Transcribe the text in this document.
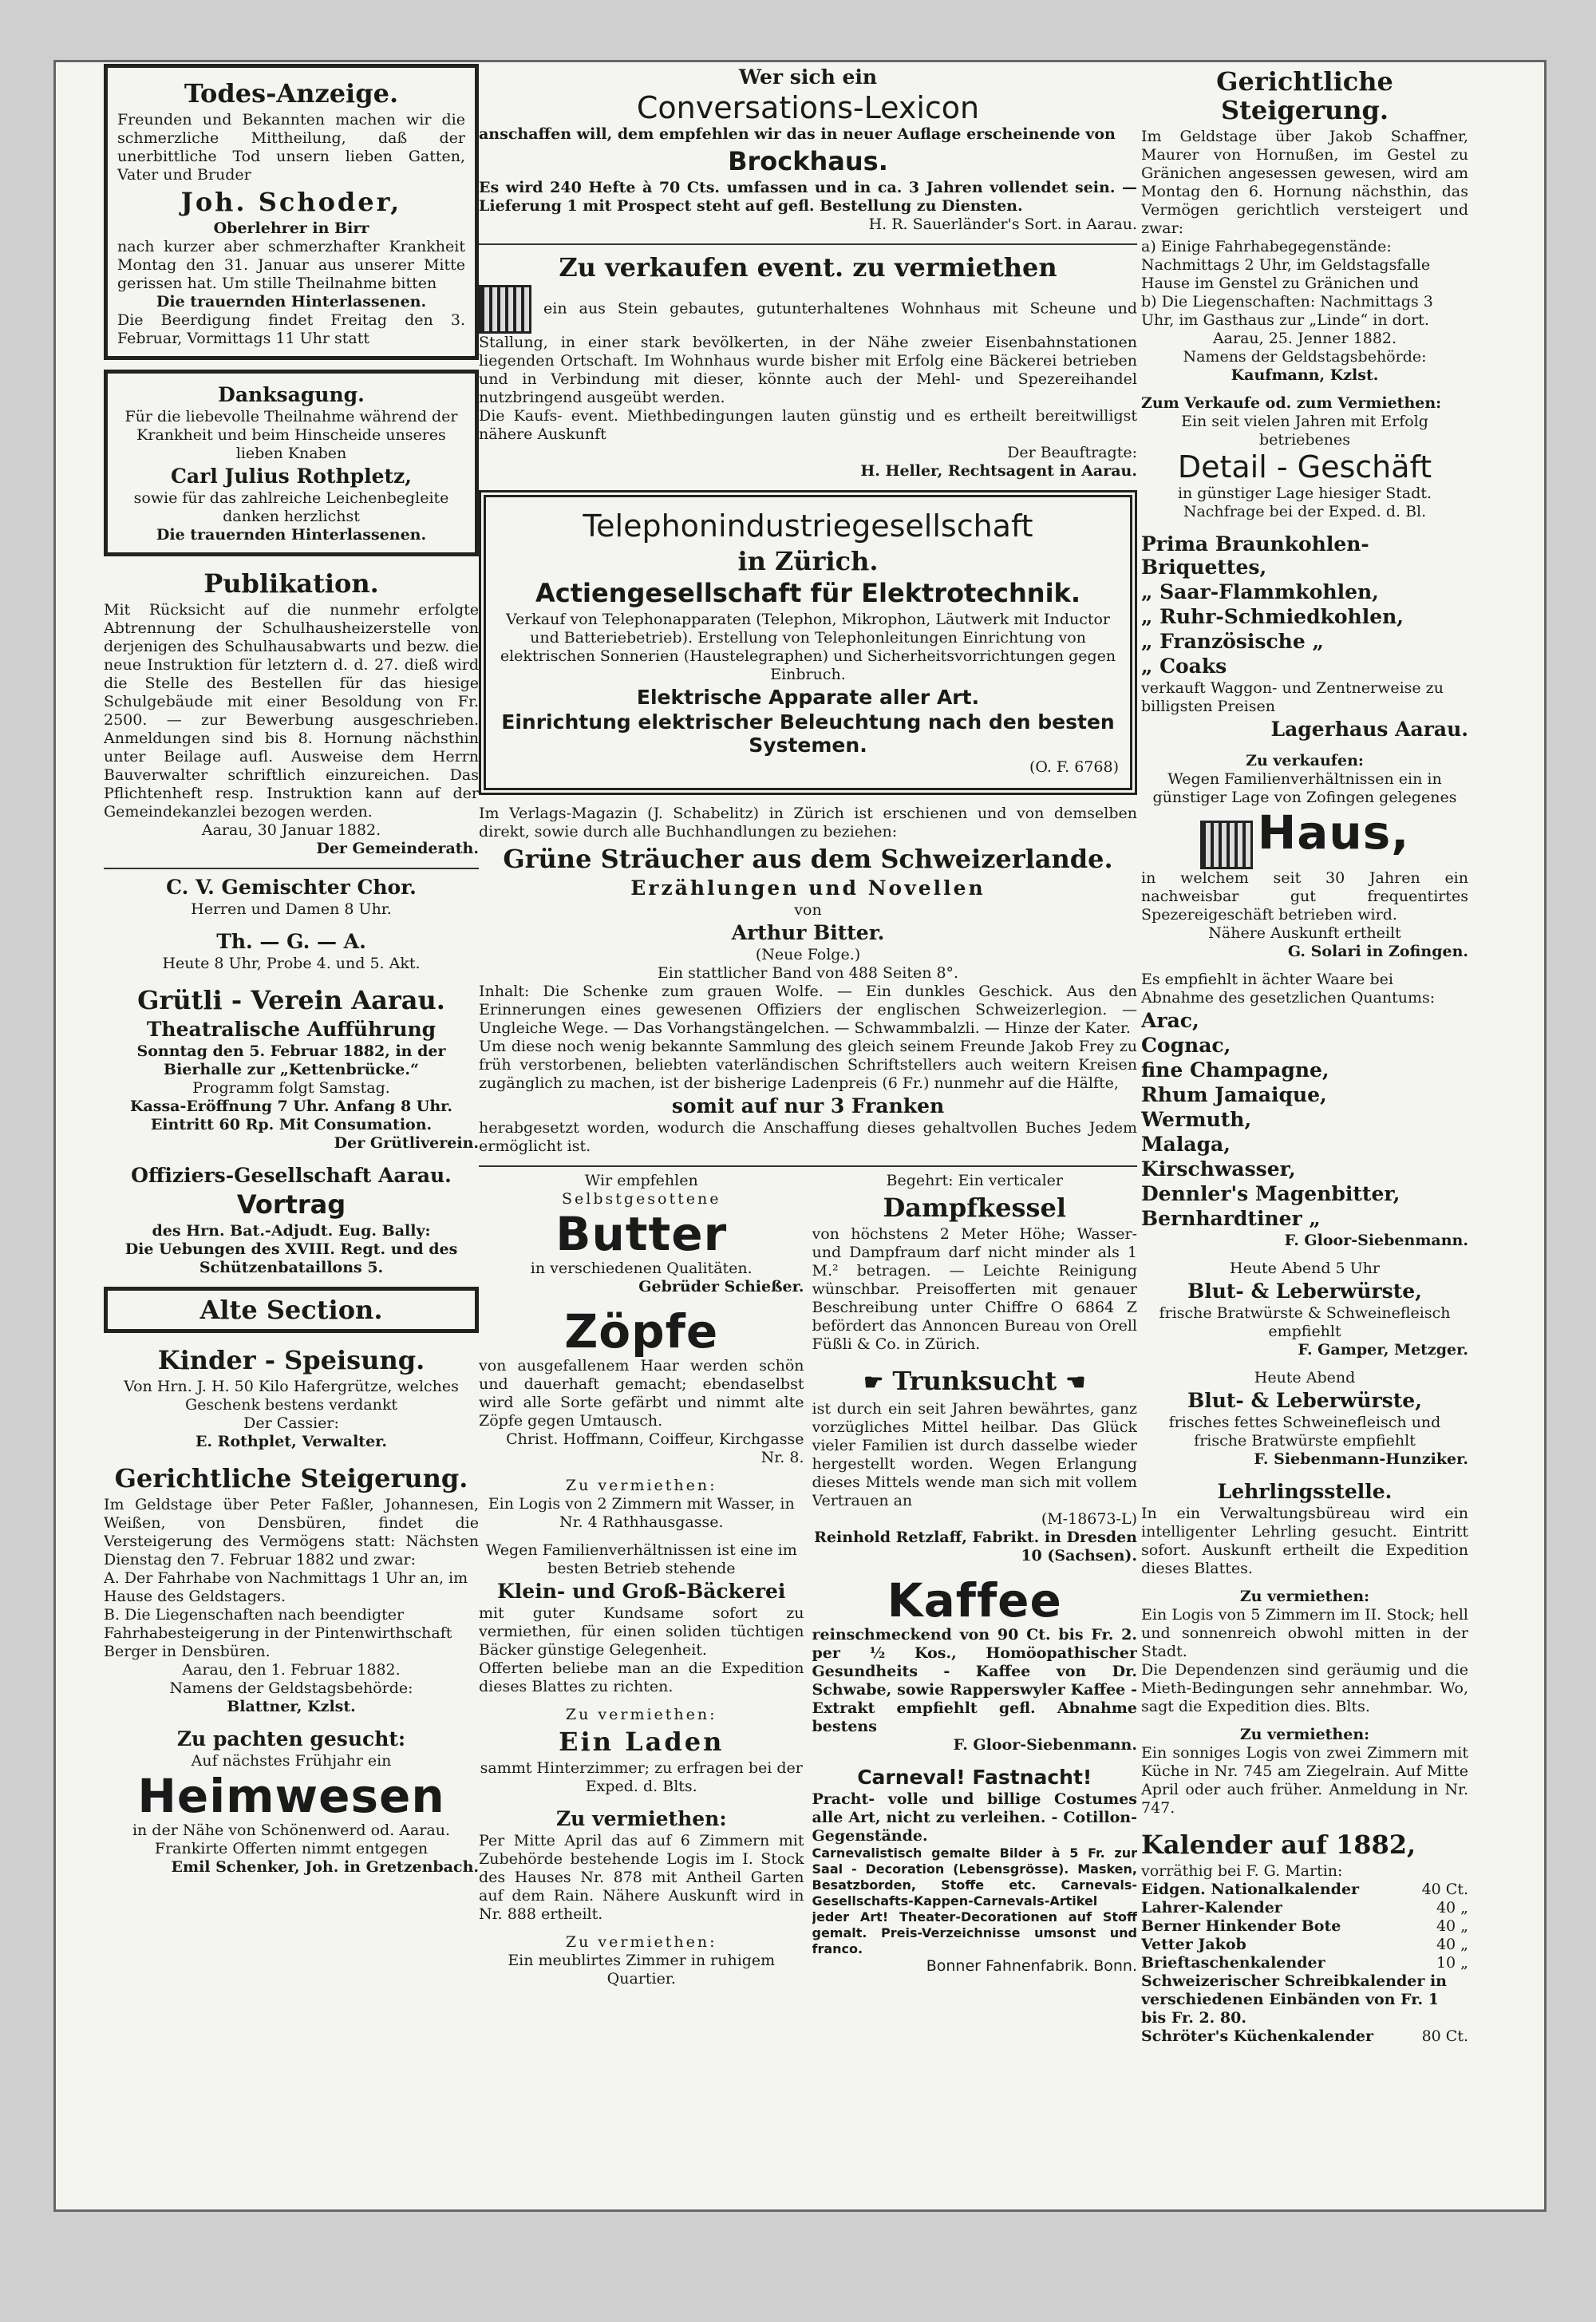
Todes-Anzeige.

Freunden und Bekannten machen wir die schmerzliche Mittheilung, daß der unerbittliche Tod unsern lieben Gatten, Vater und Bruder

Joh. Schoder,

Oberlehrer in Birr

nach kurzer aber schmerzhafter Krankheit Montag den 31. Januar aus unserer Mitte gerissen hat. Um stille Theilnahme bitten

Die trauernden Hinterlassenen.

Die Beerdigung findet Freitag den 3. Februar, Vormittags 11 Uhr statt

Danksagung.

Für die liebevolle Theilnahme während der Krankheit und beim Hinscheide unseres lieben Knaben

Carl Julius Rothpletz,

sowie für das zahlreiche Leichenbegleite danken herzlichst

Die trauernden Hinterlassenen.

Publikation.

Mit Rücksicht auf die nunmehr erfolgte Abtrennung der Schulhausheizerstelle von derjenigen des Schulhausabwarts und bezw. die neue Instruktion für letztern d. d. 27. dieß wird die Stelle des Bestellen für das hiesige Schulgebäude mit einer Besoldung von Fr. 2500. — zur Bewerbung ausgeschrieben. Anmeldungen sind bis 8. Hornung nächsthin unter Beilage aufl. Ausweise dem Herrn Bauverwalter schriftlich einzureichen. Das Pflichtenheft resp. Instruktion kann auf der Gemeindekanzlei bezogen werden.

Aarau, 30 Januar 1882.

Der Gemeinderath.

C. V. Gemischter Chor.

Herren und Damen 8 Uhr.

Th. — G. — A.

Heute 8 Uhr, Probe 4. und 5. Akt.

Grütli - Verein Aarau.
Theatralische Aufführung

Sonntag den 5. Februar 1882, in der Bierhalle zur „Kettenbrücke.“

Programm folgt Samstag.

Kassa-Eröffnung 7 Uhr. Anfang 8 Uhr.

Eintritt 60 Rp. Mit Consumation.

Der Grütliverein.

Offiziers-Gesellschaft Aarau.
Vortrag

des Hrn. Bat.-Adjudt. Eug. Bally:

Die Uebungen des XVIII. Regt. und des Schützenbataillons 5.

Alte Section.
Kinder - Speisung.

Von Hrn. J. H. 50 Kilo Hafergrütze, welches Geschenk bestens verdankt

Der Cassier:

E. Rothplet, Verwalter.

Gerichtliche Steigerung.

Im Geldstage über Peter Faßler, Johannesen, Weißen, von Densbüren, findet die Versteigerung des Vermögens statt: Nächsten Dienstag den 7. Februar 1882 und zwar:

A. Der Fahrhabe von Nachmittags 1 Uhr an, im Hause des Geldstagers.

B. Die Liegenschaften nach beendigter Fahrhabesteigerung in der Pintenwirthschaft Berger in Densbüren.

Aarau, den 1. Februar 1882.

Namens der Geldstagsbehörde:

Blattner, Kzlst.

Zu pachten gesucht:

Auf nächstes Frühjahr ein

Heimwesen

in der Nähe von Schönenwerd od. Aarau. Frankirte Offerten nimmt entgegen

Emil Schenker, Joh. in Gretzenbach.

Wer sich ein
Conversations-Lexicon

anschaffen will, dem empfehlen wir das in neuer Auflage erscheinende von

Brockhaus.

Es wird 240 Hefte à 70 Cts. umfassen und in ca. 3 Jahren vollendet sein. — Lieferung 1 mit Prospect steht auf gefl. Bestellung zu Diensten.

H. R. Sauerländer's Sort. in Aarau.

Zu verkaufen event. zu vermiethen

ein aus Stein gebautes, gutunterhaltenes Wohnhaus mit Scheune und Stallung, in einer stark bevölkerten, in der Nähe zweier Eisenbahnstationen liegenden Ortschaft. Im Wohnhaus wurde bisher mit Erfolg eine Bäckerei betrieben und in Verbindung mit dieser, könnte auch der Mehl- und Spezereihandel nutzbringend ausgeübt werden.

Die Kaufs- event. Miethbedingungen lauten günstig und es ertheilt bereitwilligst nähere Auskunft

Der Beauftragte:

H. Heller, Rechtsagent in Aarau.

Telephonindustriegesellschaft
in Zürich.
Actiengesellschaft für Elektrotechnik.

Verkauf von Telephonapparaten (Telephon, Mikrophon, Läutwerk mit Inductor und Batteriebetrieb). Erstellung von Telephonleitungen Einrichtung von elektrischen Sonnerien (Haustelegraphen) und Sicherheitsvorrichtungen gegen Einbruch.

Elektrische Apparate aller Art.
Einrichtung elektrischer Beleuchtung nach den besten Systemen.

(O. F. 6768)

Im Verlags-Magazin (J. Schabelitz) in Zürich ist erschienen und von demselben direkt, sowie durch alle Buchhandlungen zu beziehen:

Grüne Sträucher aus dem Schweizerlande.
Erzählungen und Novellen

von

Arthur Bitter.

(Neue Folge.)

Ein stattlicher Band von 488 Seiten 8°.

Inhalt: Die Schenke zum grauen Wolfe. — Ein dunkles Geschick. Aus den Erinnerungen eines gewesenen Offiziers der englischen Schweizerlegion. — Ungleiche Wege. — Das Vorhangstängelchen. — Schwammbalzli. — Hinze der Kater.

Um diese noch wenig bekannte Sammlung des gleich seinem Freunde Jakob Frey zu früh verstorbenen, beliebten vaterländischen Schriftstellers auch weitern Kreisen zugänglich zu machen, ist der bisherige Ladenpreis (6 Fr.) nunmehr auf die Hälfte,

somit auf nur 3 Franken

herabgesetzt worden, wodurch die Anschaffung dieses gehaltvollen Buches Jedem ermöglicht ist.

Wir empfehlen

Selbstgesottene

Butter

in verschiedenen Qualitäten.

Gebrüder Schießer.

Zöpfe

von ausgefallenem Haar werden schön und dauerhaft gemacht; ebendaselbst wird alle Sorte gefärbt und nimmt alte Zöpfe gegen Umtausch.

Christ. Hoffmann, Coiffeur, Kirchgasse Nr. 8.

Zu vermiethen:

Ein Logis von 2 Zimmern mit Wasser, in Nr. 4 Rathhausgasse.

Wegen Familienverhältnissen ist eine im besten Betrieb stehende

Klein- und Groß-Bäckerei

mit guter Kundsame sofort zu vermiethen, für einen soliden tüchtigen Bäcker günstige Gelegenheit.

Offerten beliebe man an die Expedition dieses Blattes zu richten.

Zu vermiethen:

Ein Laden

sammt Hinterzimmer; zu erfragen bei der Exped. d. Blts.

Zu vermiethen:

Per Mitte April das auf 6 Zimmern mit Zubehörde bestehende Logis im I. Stock des Hauses Nr. 878 mit Antheil Garten auf dem Rain. Nähere Auskunft wird in Nr. 888 ertheilt.

Zu vermiethen:

Ein meublirtes Zimmer in ruhigem Quartier.

Begehrt: Ein verticaler

Dampfkessel

von höchstens 2 Meter Höhe; Wasser- und Dampfraum darf nicht minder als 1 M.² betragen. — Leichte Reinigung wünschbar. Preisofferten mit genauer Beschreibung unter Chiffre O 6864 Z befördert das Annoncen Bureau von Orell Füßli & Co. in Zürich.

☛ Trunksucht ☚

ist durch ein seit Jahren bewährtes, ganz vorzügliches Mittel heilbar. Das Glück vieler Familien ist durch dasselbe wieder hergestellt worden. Wegen Erlangung dieses Mittels wende man sich mit vollem Vertrauen an

(M-18673-L)

Reinhold Retzlaff, Fabrikt. in Dresden 10 (Sachsen).

Kaffee

reinschmeckend von 90 Ct. bis Fr. 2. per ½ Kos., Homöopathischer Gesundheits - Kaffee von Dr. Schwabe, sowie Rapperswyler Kaffee - Extrakt empfiehlt gefl. Abnahme bestens

F. Gloor-Siebenmann.

Carneval! Fastnacht!

Pracht- volle und billige Costumes alle Art, nicht zu verleihen. - Cotillon-Gegenstände.

Carnevalistisch gemalte Bilder à 5 Fr. zur Saal - Decoration (Lebensgrösse). Masken, Besatzborden, Stoffe etc. Carnevals-Gesellschafts-Kappen-Carnevals-Artikel jeder Art! Theater-Decorationen auf Stoff gemalt. Preis-Verzeichnisse umsonst und franco.

Bonner Fahnenfabrik. Bonn.

Gerichtliche Steigerung.

Im Geldstage über Jakob Schaffner, Maurer von Hornußen, im Gestel zu Gränichen angesessen gewesen, wird am Montag den 6. Hornung nächsthin, das Vermögen gerichtlich versteigert und zwar:

a) Einige Fahrhabegegenstände: Nachmittags 2 Uhr, im Geldstagsfalle Hause im Genstel zu Gränichen und

b) Die Liegenschaften: Nachmittags 3 Uhr, im Gasthaus zur „Linde“ in dort.

Aarau, 25. Jenner 1882.

Namens der Geldstagsbehörde:

Kaufmann, Kzlst.

Zum Verkaufe od. zum Vermiethen:

Ein seit vielen Jahren mit Erfolg betriebenes

Detail - Geschäft

in günstiger Lage hiesiger Stadt. Nachfrage bei der Exped. d. Bl.

Prima Braunkohlen-Briquettes,
„ Saar-Flammkohlen,
„ Ruhr-Schmiedkohlen,
„ Französische „
„ Coaks

verkauft Waggon- und Zentnerweise zu billigsten Preisen

Lagerhaus Aarau.

Zu verkaufen:

Wegen Familienverhältnissen ein in günstiger Lage von Zofingen gelegenes

Haus,

in welchem seit 30 Jahren ein nachweisbar gut frequentirtes Spezereigeschäft betrieben wird.

Nähere Auskunft ertheilt

G. Solari in Zofingen.

Es empfiehlt in ächter Waare bei Abnahme des gesetzlichen Quantums:

Arac,
Cognac,
fine Champagne,
Rhum Jamaique,
Wermuth,
Malaga,
Kirschwasser,
Dennler's Magenbitter,
Bernhardtiner „

F. Gloor-Siebenmann.

Heute Abend 5 Uhr

Blut- & Leberwürste,

frische Bratwürste & Schweinefleisch empfiehlt

F. Gamper, Metzger.

Heute Abend

Blut- & Leberwürste,

frisches fettes Schweinefleisch und frische Bratwürste empfiehlt

F. Siebenmann-Hunziker.

Lehrlingsstelle.

In ein Verwaltungsbüreau wird ein intelligenter Lehrling gesucht. Eintritt sofort. Auskunft ertheilt die Expedition dieses Blattes.

Zu vermiethen:

Ein Logis von 5 Zimmern im II. Stock; hell und sonnenreich obwohl mitten in der Stadt.

Die Dependenzen sind geräumig und die Mieth-Bedingungen sehr annehmbar. Wo, sagt die Expedition dies. Blts.

Zu vermiethen:

Ein sonniges Logis von zwei Zimmern mit Küche in Nr. 745 am Ziegelrain. Auf Mitte April oder auch früher. Anmeldung in Nr. 747.

Kalender auf 1882,

vorräthig bei F. G. Martin:

Eidgen. Nationalkalender	40 Ct.
Lahrer-Kalender	40 „
Berner Hinkender Bote	40 „
Vetter Jakob	40 „
Brieftaschenkalender	10 „

Schweizerischer Schreibkalender in verschiedenen Einbänden von Fr. 1 bis Fr. 2. 80.

Schröter's Küchenkalender	80 Ct.
